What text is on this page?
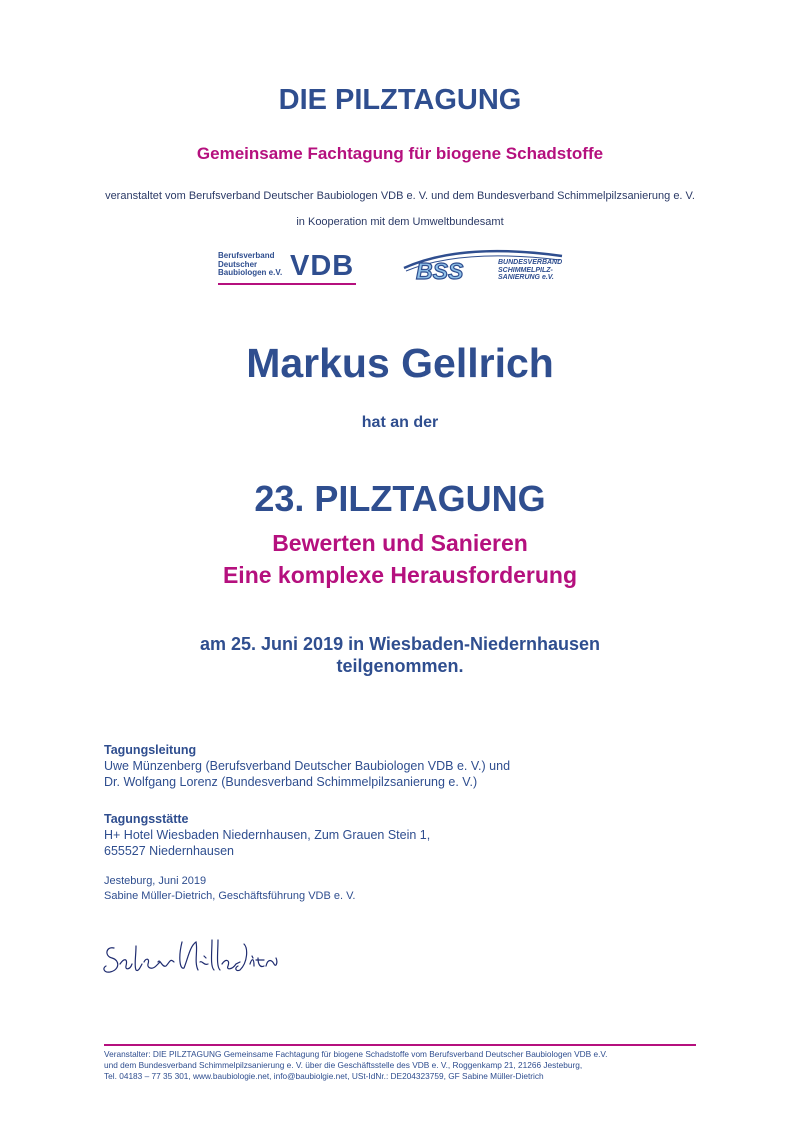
DIE PILZTAGUNG
Gemeinsame Fachtagung für biogene Schadstoffe
veranstaltet vom Berufsverband Deutscher Baubiologen VDB e. V. und dem Bundesverband Schimmelpilzsanierung e. V.
in Kooperation mit dem Umweltbundesamt
Berufsverband
Deutscher
Baubiologen e.V. VDB	BSS	BUNDESVERBAND
SCHIMMELPILZ-
SANIERUNG e.V.
Markus Gellrich
hat an der
23. PILZTAGUNG
Bewerten und Sanieren
Eine komplexe Herausforderung
am 25. Juni 2019 in Wiesbaden-Niedernhausen
teilgenommen.
Tagungsleitung
Uwe Münzenberg (Berufsverband Deutscher Baubiologen VDB e. V.) und
Dr. Wolfgang Lorenz (Bundesverband Schimmelpilzsanierung e. V.)
Tagungsstätte
H+ Hotel Wiesbaden Niedernhausen, Zum Grauen Stein 1,
655527 Niedernhausen
Jesteburg, Juni 2019
Sabine Müller-Dietrich, Geschäftsführung VDB e. V.
Veranstalter: DIE PILZTAGUNG Gemeinsame Fachtagung für biogene Schadstoffe vom Berufsverband Deutscher Baubiologen VDB e.V.
und dem Bundesverband Schimmelpilzsanierung e. V. über die Geschäftsstelle des VDB e. V., Roggenkamp 21, 21266 Jesteburg,
Tel. 04183 – 77 35 301, www.baubiologie.net, info@baubiolgie.net, USt-IdNr.: DE204323759, GF Sabine Müller-Dietrich
